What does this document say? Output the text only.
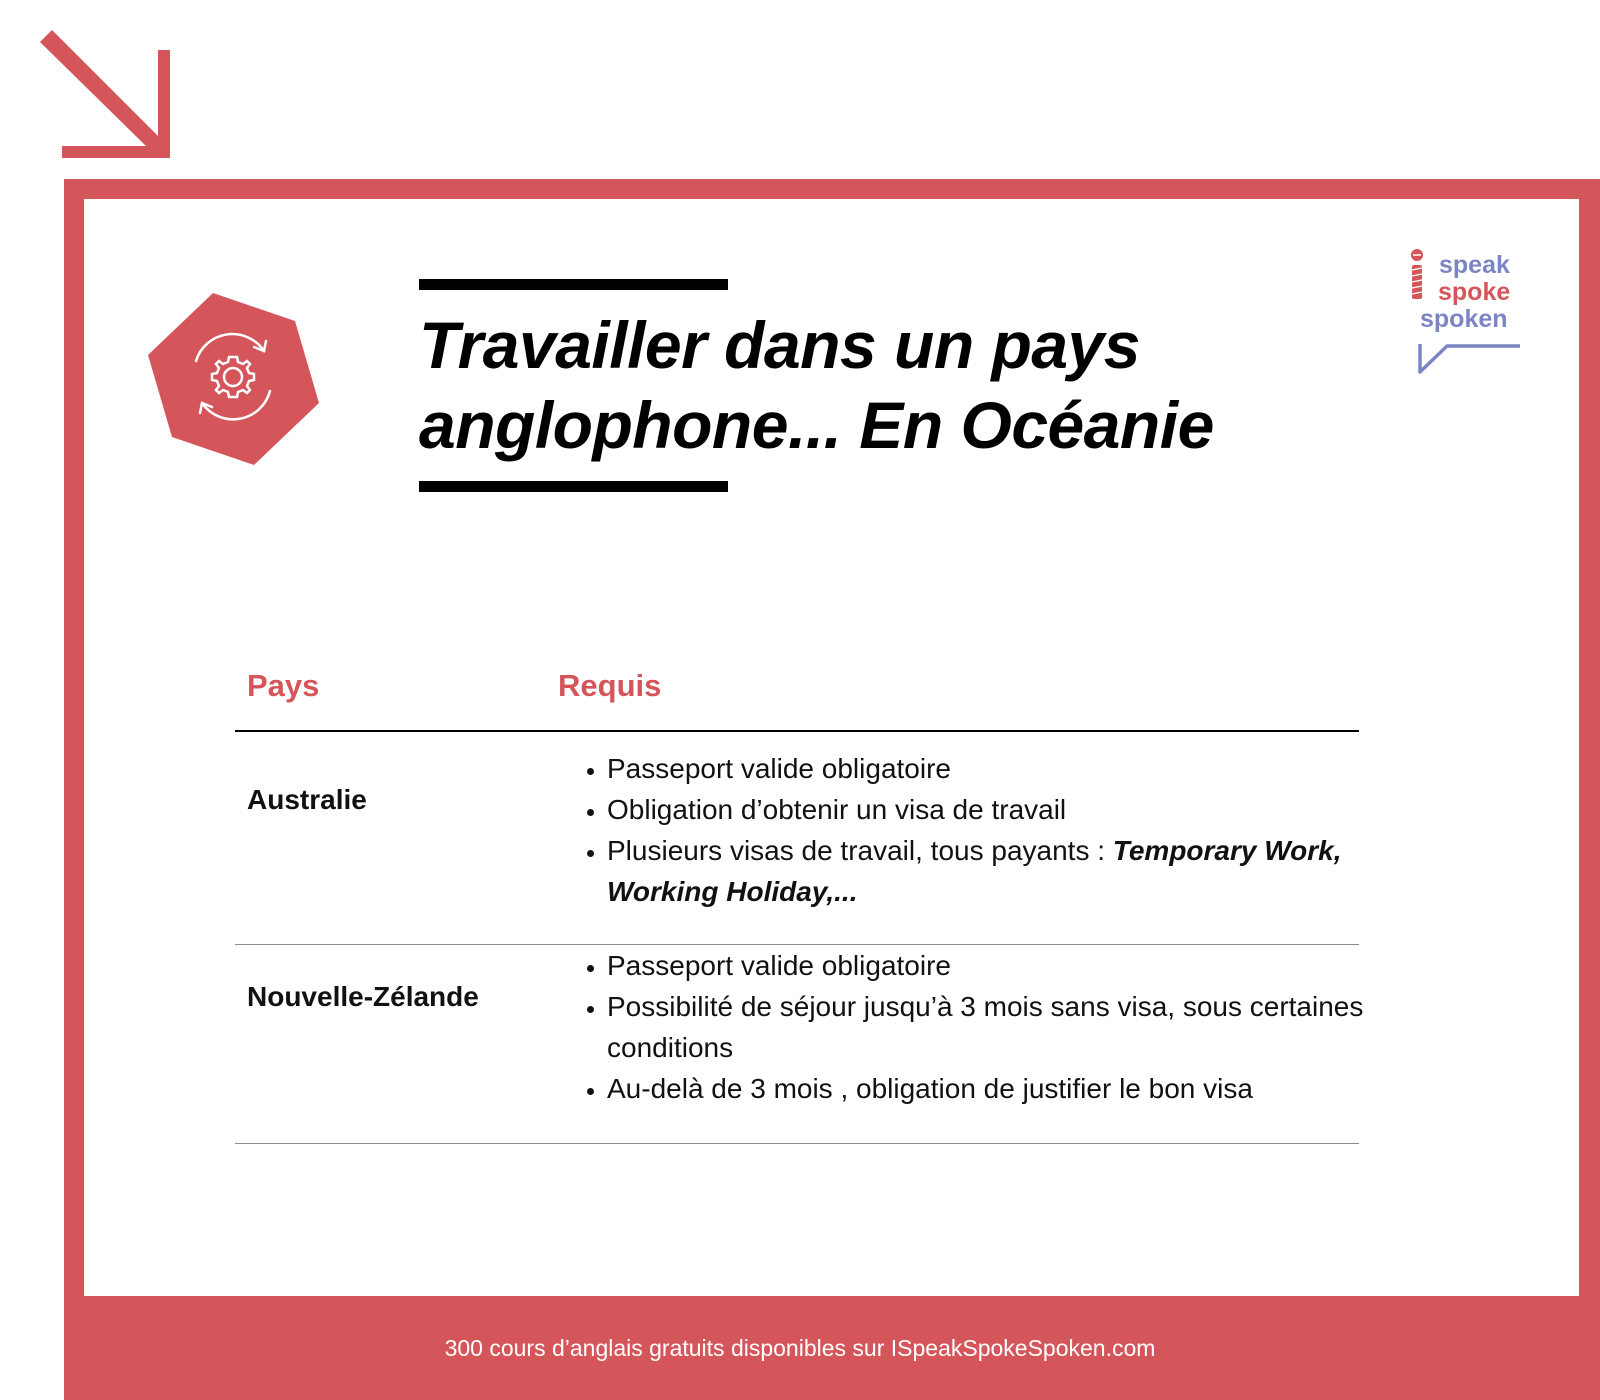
Travailler dans un pays
anglophone... En Océanie

speak

spoke

spoken

Pays	Requis

Australie

• Passeport valide obligatoire
• Obligation d’obtenir un visa de travail
• Plusieurs visas de travail, tous payants : Temporary Work, Working Holiday,...

Nouvelle-Zélande

• Passeport valide obligatoire
• Possibilité de séjour jusqu’à 3 mois sans visa, sous certaines conditions
• Au-delà de 3 mois , obligation de justifier le bon visa

300 cours d’anglais gratuits disponibles sur ISpeakSpokeSpoken.com
